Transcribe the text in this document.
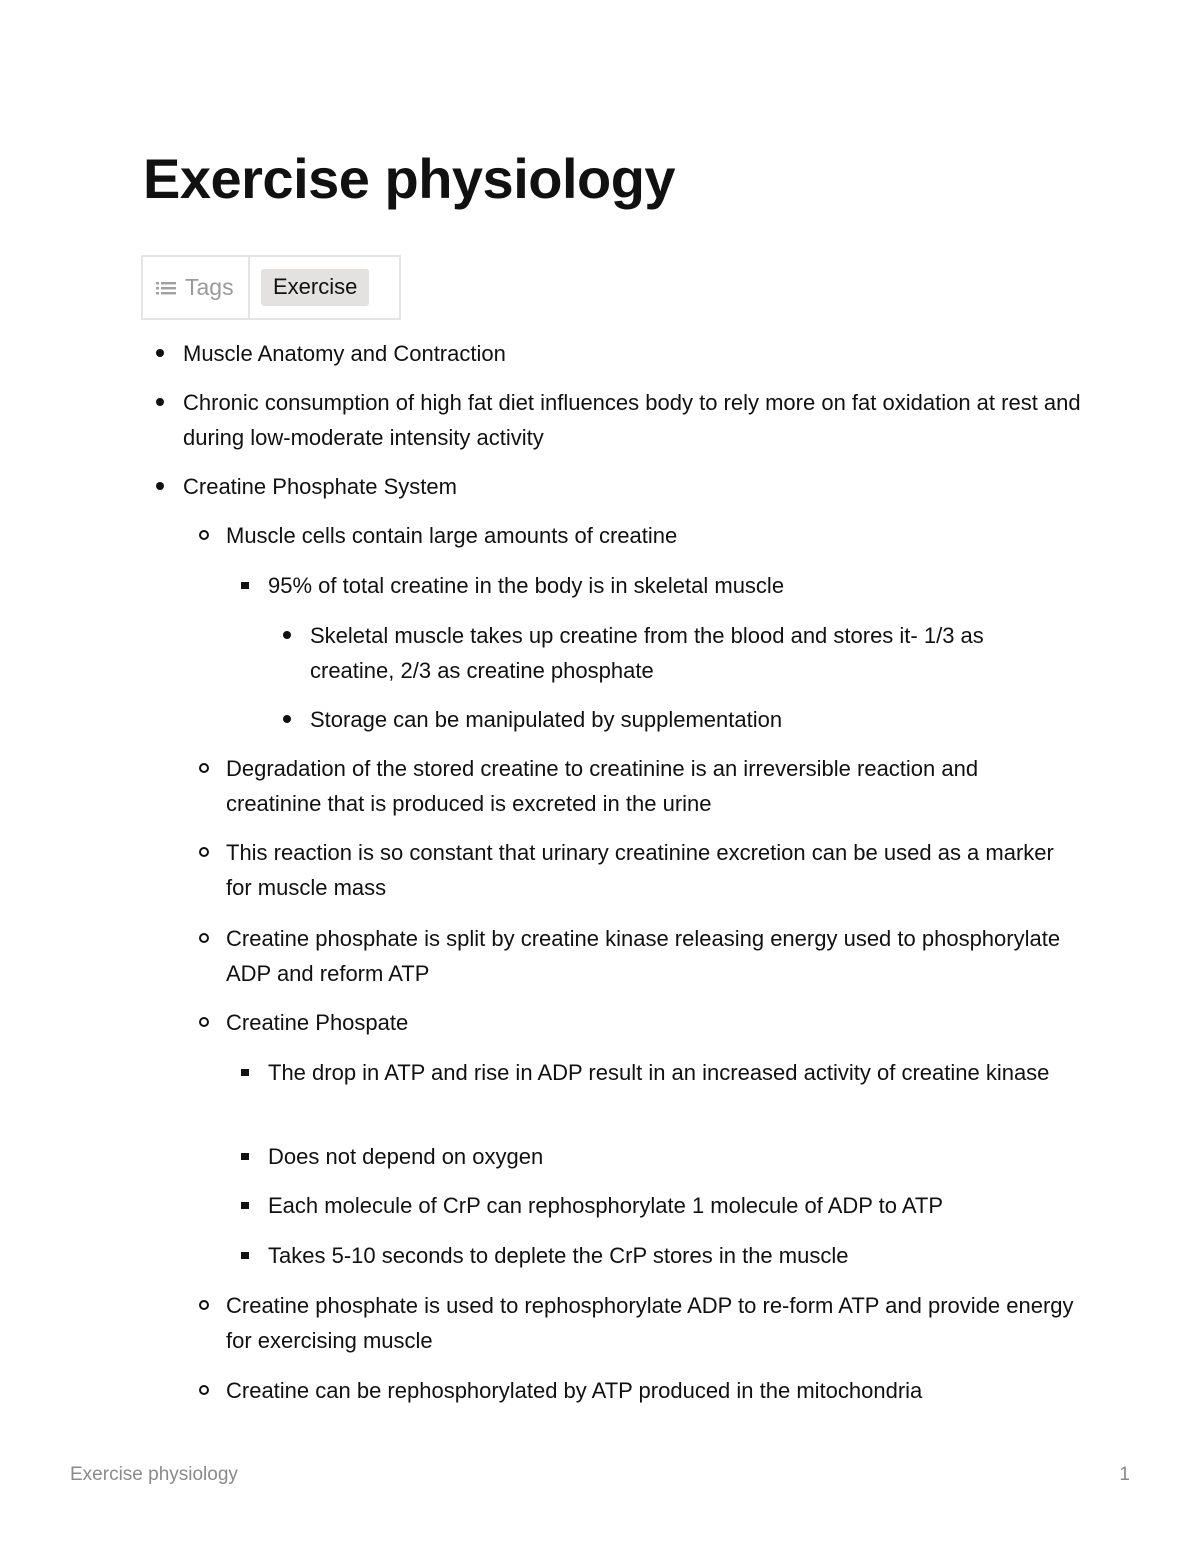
Exercise physiology
Tags	Exercise
Muscle Anatomy and Contraction
Chronic consumption of high fat diet influences body to rely more on fat oxidation at rest and during low-moderate intensity activity
Creatine Phosphate System
Muscle cells contain large amounts of creatine
95% of total creatine in the body is in skeletal muscle
Skeletal muscle takes up creatine from the blood and stores it- 1/3 as creatine, 2/3 as creatine phosphate
Storage can be manipulated by supplementation
Degradation of the stored creatine to creatinine is an irreversible reaction and creatinine that is produced is excreted in the urine
This reaction is so constant that urinary creatinine excretion can be used as a marker for muscle mass
Creatine phosphate is split by creatine kinase releasing energy used to phosphorylate ADP and reform ATP
Creatine Phospate
The drop in ATP and rise in ADP result in an increased activity of creatine kinase
Does not depend on oxygen
Each molecule of CrP can rephosphorylate 1 molecule of ADP to ATP
Takes 5-10 seconds to deplete the CrP stores in the muscle
Creatine phosphate is used to rephosphorylate ADP to re-form ATP and provide energy for exercising muscle
Creatine can be rephosphorylated by ATP produced in the mitochondria
Exercise physiology	1
